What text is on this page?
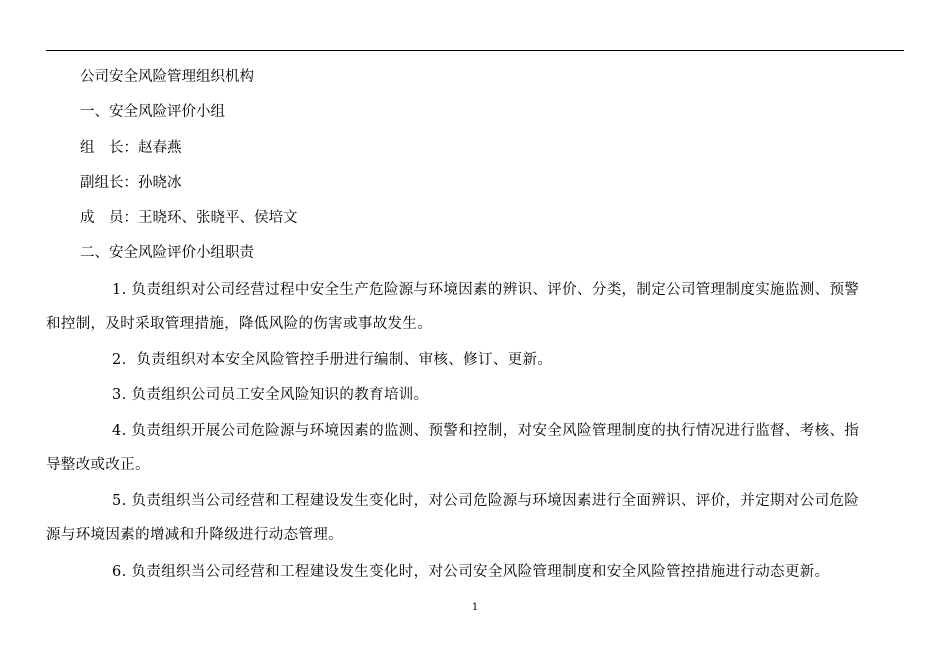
公司安全风险管理组织机构

一、安全风险评价小组

组　长：赵春燕

副组长：孙晓冰

成　员：王晓环、张晓平、侯培文

二、安全风险评价小组职责

1. 负责组织对公司经营过程中安全生产危险源与环境因素的辨识、评价、分类，制定公司管理制度实施监测、预警
和控制，及时采取管理措施，降低风险的伤害或事故发生。
2．负责组织对本安全风险管控手册进行编制、审核、修订、更新。
3. 负责组织公司员工安全风险知识的教育培训。
4. 负责组织开展公司危险源与环境因素的监测、预警和控制，对安全风险管理制度的执行情况进行监督、考核、指
导整改或改正。
5. 负责组织当公司经营和工程建设发生变化时，对公司危险源与环境因素进行全面辨识、评价，并定期对公司危险
源与环境因素的增减和升降级进行动态管理。
6. 负责组织当公司经营和工程建设发生变化时，对公司安全风险管理制度和安全风险管控措施进行动态更新。
1
